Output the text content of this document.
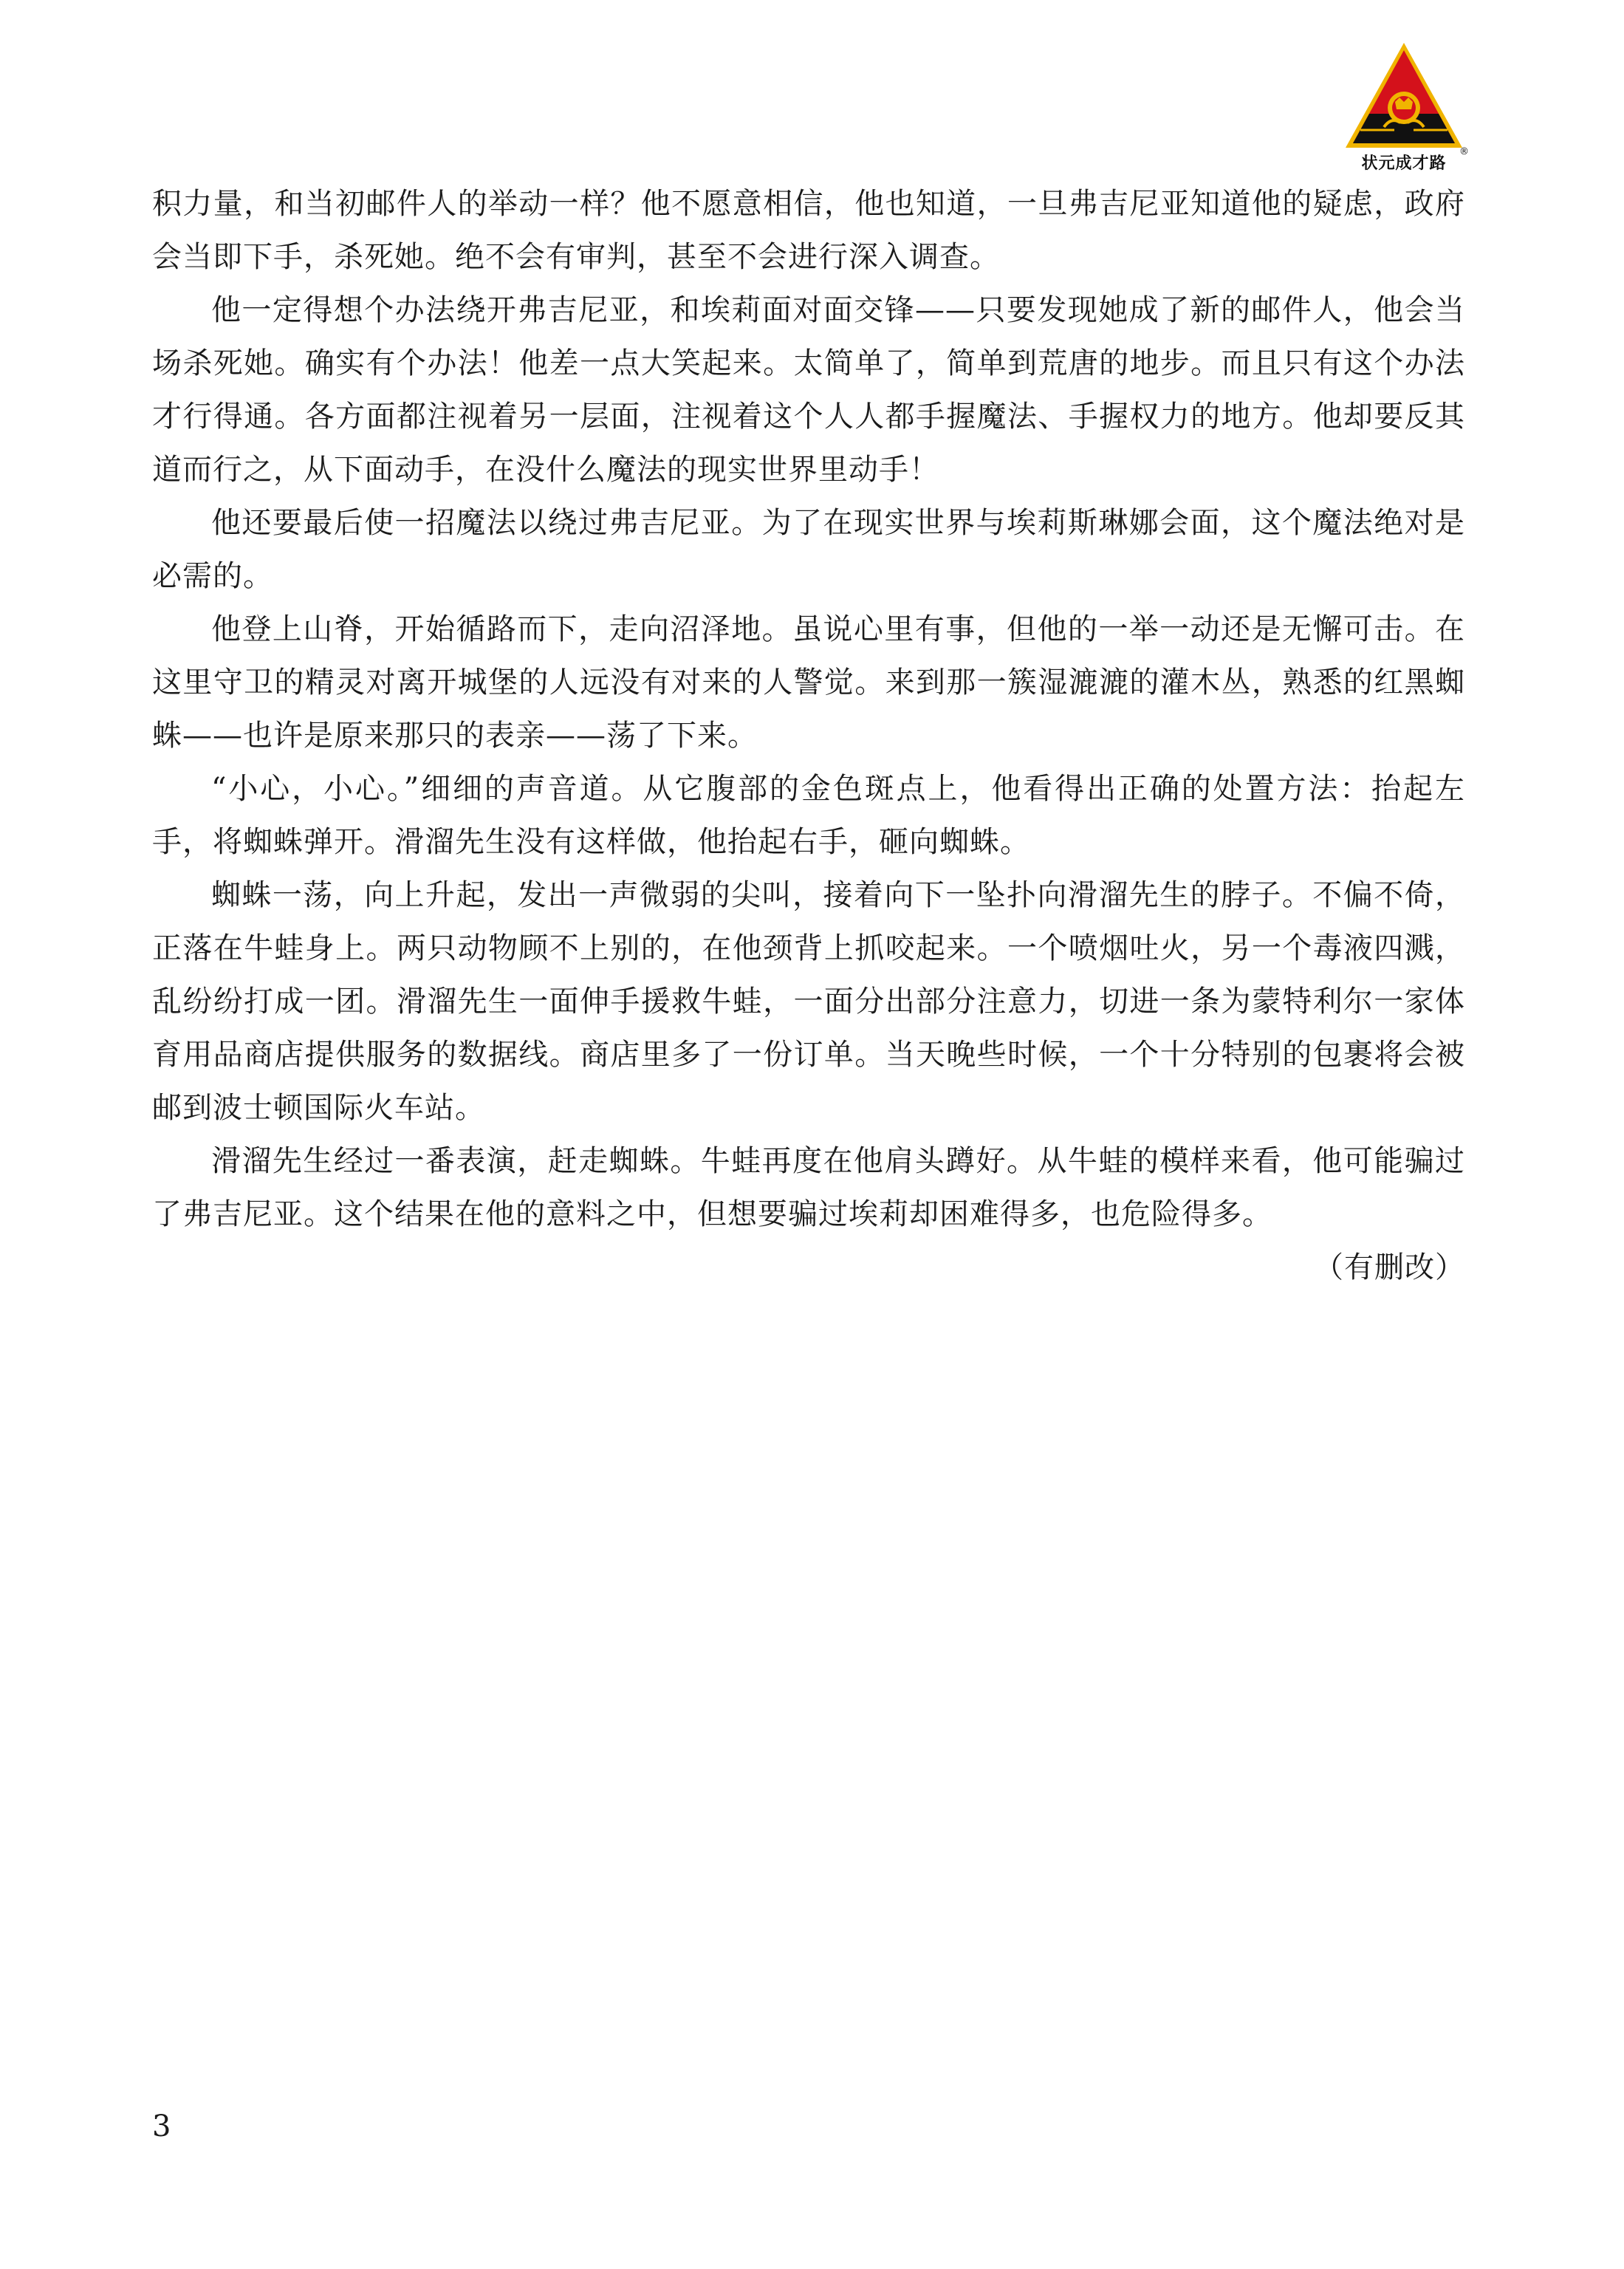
状元成才路
®

积力量，和当初邮件人的举动一样？他不愿意相信，他也知道，一旦弗吉尼亚知道他的疑虑，政府会当即下手，杀死她。绝不会有审判，甚至不会进行深入调查。

他一定得想个办法绕开弗吉尼亚，和埃莉面对面交锋——只要发现她成了新的邮件人，他会当场杀死她。确实有个办法！他差一点大笑起来。太简单了，简单到荒唐的地步。而且只有这个办法才行得通。各方面都注视着另一层面，注视着这个人人都手握魔法、手握权力的地方。他却要反其道而行之，从下面动手，在没什么魔法的现实世界里动手！

他还要最后使一招魔法以绕过弗吉尼亚。为了在现实世界与埃莉斯琳娜会面，这个魔法绝对是必需的。

他登上山脊，开始循路而下，走向沼泽地。虽说心里有事，但他的一举一动还是无懈可击。在这里守卫的精灵对离开城堡的人远没有对来的人警觉。来到那一簇湿漉漉的灌木丛，熟悉的红黑蜘蛛——也许是原来那只的表亲——荡了下来。

“小心，小心。”细细的声音道。从它腹部的金色斑点上，他看得出正确的处置方法：抬起左手，将蜘蛛弹开。滑溜先生没有这样做，他抬起右手，砸向蜘蛛。

蜘蛛一荡，向上升起，发出一声微弱的尖叫，接着向下一坠扑向滑溜先生的脖子。不偏不倚，正落在牛蛙身上。两只动物顾不上别的，在他颈背上抓咬起来。一个喷烟吐火，另一个毒液四溅，乱纷纷打成一团。滑溜先生一面伸手援救牛蛙，一面分出部分注意力，切进一条为蒙特利尔一家体育用品商店提供服务的数据线。商店里多了一份订单。当天晚些时候，一个十分特别的包裹将会被邮到波士顿国际火车站。

滑溜先生经过一番表演，赶走蜘蛛。牛蛙再度在他肩头蹲好。从牛蛙的模样来看，他可能骗过了弗吉尼亚。这个结果在他的意料之中，但想要骗过埃莉却困难得多，也危险得多。

（有删改）

3
